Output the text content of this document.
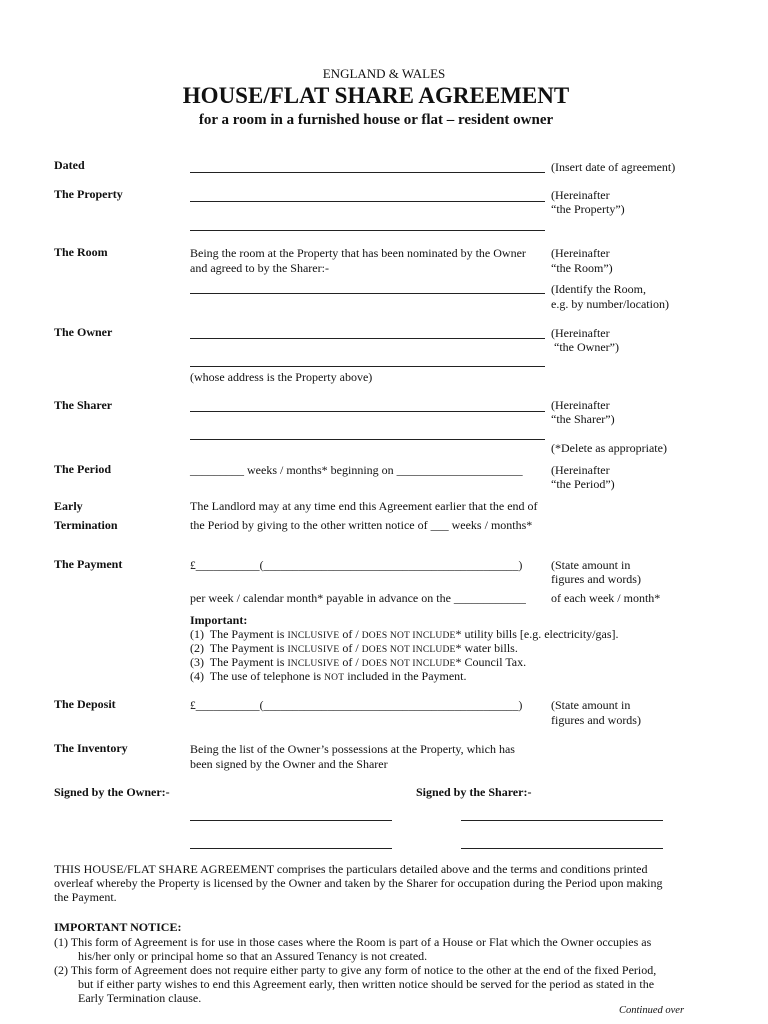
ENGLAND & WALES
HOUSE/FLAT SHARE AGREEMENT
for a room in a furnished house or flat – resident owner
Dated	(Insert date of agreement)
The Property	(Hereinafter
“the Property”)
The Room	Being the room at the Property that has been nominated by the Owner
and agreed to by the Sharer:-
(Hereinafter
“the Room”)
(Identify the Room,
e.g. by number/location)
The Owner
(whose address is the Property above)
(Hereinafter
“the Owner”)
The Sharer	(Hereinafter
“the Sharer”)
(*Delete as appropriate)
The Period	_________ weeks / months* beginning on _____________________ (Hereinafter
“the Period”)
Early
Termination
The Landlord may at any time end this Agreement earlier that the end of
the Period by giving to the other written notice of ___ weeks / months*
The Payment	£___________(____________________________________________) (State amount in
figures and words)
per week / calendar month* payable in advance on the ____________ of each week / month*
Important:
(1)  The Payment is INCLUSIVE of / DOES NOT INCLUDE* utility bills [e.g. electricity/gas].
(2)  The Payment is INCLUSIVE of / DOES NOT INCLUDE* water bills.
(3)  The Payment is INCLUSIVE of / DOES NOT INCLUDE* Council Tax.
(4)  The use of telephone is NOT included in the Payment.
The Deposit	£___________(____________________________________________) (State amount in
figures and words)
The Inventory	Being the list of the Owner’s possessions at the Property, which has
been signed by the Owner and the Sharer
Signed by the Owner:-	Signed by the Sharer:-
THIS HOUSE/FLAT SHARE AGREEMENT comprises the particulars detailed above and the terms and conditions printed
overleaf whereby the Property is licensed by the Owner and taken by the Sharer for occupation during the Period upon making
the Payment.
IMPORTANT NOTICE:
(1) This form of Agreement is for use in those cases where the Room is part of a House or Flat which the Owner occupies as
his/her only or principal home so that an Assured Tenancy is not created.
(2) This form of Agreement does not require either party to give any form of notice to the other at the end of the fixed Period,
but if either party wishes to end this Agreement early, then written notice should be served for the period as stated in the
Early Termination clause.
Continued over
